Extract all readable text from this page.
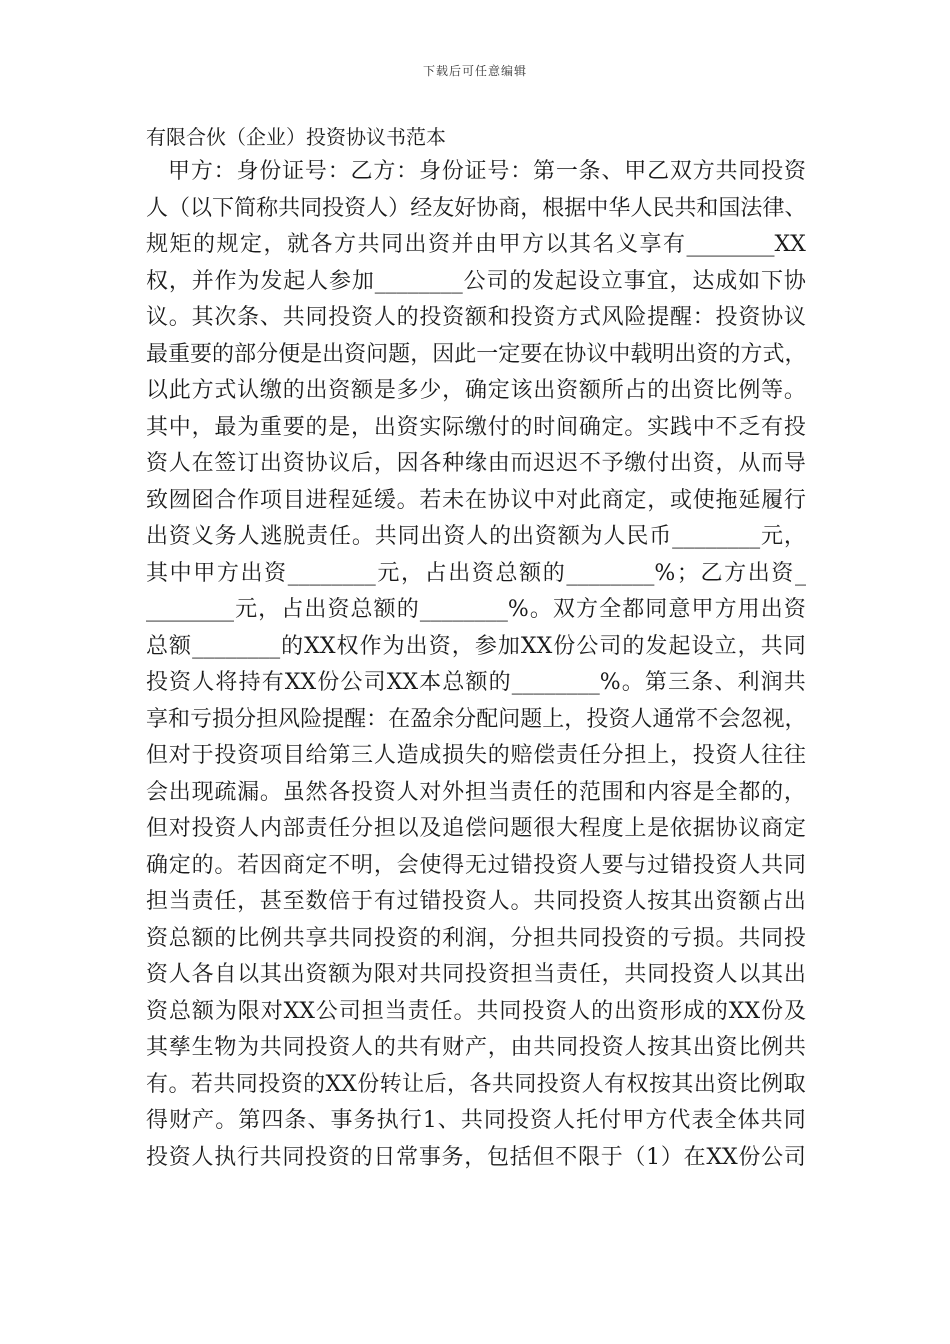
下载后可任意编辑
有限合伙（企业）投资协议书范本
甲 方 ： 身 份 证 号 ： 乙 方 ： 身 份 证 号 ： 第 一 条 、 甲 乙 双 方 共 同 投 资
人 （ 以 下 简 称 共 同 投 资 人 ） 经 友 好 协 商 ， 根 据 中 华 人 民 共 和 国 法 律 、
规 矩 的 规 定 ， 就 各 方 共 同 出 资 并 由 甲 方 以 其 名 义 享 有 ________XX
权 ， 并 作 为 发 起 人 参 加 ________ 公 司 的 发 起 设 立 事 宜 ， 达 成 如 下 协
议 。 其 次 条 、 共 同 投 资 人 的 投 资 额 和 投 资 方 式 风 险 提 醒 ： 投 资 协 议
最 重 要 的 部 分 便 是 出 资 问 题 ， 因 此 一 定 要 在 协 议 中 载 明 出 资 的 方 式 ，
以 此 方 式 认 缴 的 出 资 额 是 多 少 ， 确 定 该 出 资 额 所 占 的 出 资 比 例 等 。
其 中 ， 最 为 重 要 的 是 ， 出 资 实 际 缴 付 的 时 间 确 定 。 实 践 中 不 乏 有 投
资 人 在 签 订 出 资 协 议 后 ， 因 各 种 缘 由 而 迟 迟 不 予 缴 付 出 资 ， 从 而 导
致 囫 囵 合 作 项 目 进 程 延 缓 。 若 未 在 协 议 中 对 此 商 定 ， 或 使 拖 延 履 行
出 资 义 务 人 逃 脱 责 任 。 共 同 出 资 人 的 出 资 额 为 人 民 币 ________ 元 ，
其 中 甲 方 出 资 ________ 元 ， 占 出 资 总 额 的 ________% ； 乙 方 出 资 _
________ 元 ， 占 出 资 总 额 的 ________% 。 双 方 全 都 同 意 甲 方 用 出 资
总 额 ________ 的 XX 权 作 为 出 资 ， 参 加 XX 份 公 司 的 发 起 设 立 ， 共 同
投 资 人 将 持 有 XX 份 公 司 XX 本 总 额 的 ________% 。 第 三 条 、 利 润 共
享 和 亏 损 分 担 风 险 提 醒 ： 在 盈 余 分 配 问 题 上 ， 投 资 人 通 常 不 会 忽 视 ，
但 对 于 投 资 项 目 给 第 三 人 造 成 损 失 的 赔 偿 责 任 分 担 上 ， 投 资 人 往 往
会 出 现 疏 漏 。 虽 然 各 投 资 人 对 外 担 当 责 任 的 范 围 和 内 容 是 全 都 的 ，
但 对 投 资 人 内 部 责 任 分 担 以 及 追 偿 问 题 很 大 程 度 上 是 依 据 协 议 商 定
确 定 的 。 若 因 商 定 不 明 ， 会 使 得 无 过 错 投 资 人 要 与 过 错 投 资 人 共 同
担 当 责 任 ， 甚 至 数 倍 于 有 过 错 投 资 人 。 共 同 投 资 人 按 其 出 资 额 占 出
资 总 额 的 比 例 共 享 共 同 投 资 的 利 润 ， 分 担 共 同 投 资 的 亏 损 。 共 同 投
资 人 各 自 以 其 出 资 额 为 限 对 共 同 投 资 担 当 责 任 ， 共 同 投 资 人 以 其 出
资 总 额 为 限 对 XX 公 司 担 当 责 任 。 共 同 投 资 人 的 出 资 形 成 的 XX 份 及
其 孳 生 物 为 共 同 投 资 人 的 共 有 财 产 ， 由 共 同 投 资 人 按 其 出 资 比 例 共
有 。 若 共 同 投 资 的 XX 份 转 让 后 ， 各 共 同 投 资 人 有 权 按 其 出 资 比 例 取
得 财 产 。 第 四 条 、 事 务 执 行 1 、 共 同 投 资 人 托 付 甲 方 代 表 全 体 共 同
投 资 人 执 行 共 同 投 资 的 日 常 事 务 ， 包 括 但 不 限 于 （ 1 ） 在 XX 份 公 司
